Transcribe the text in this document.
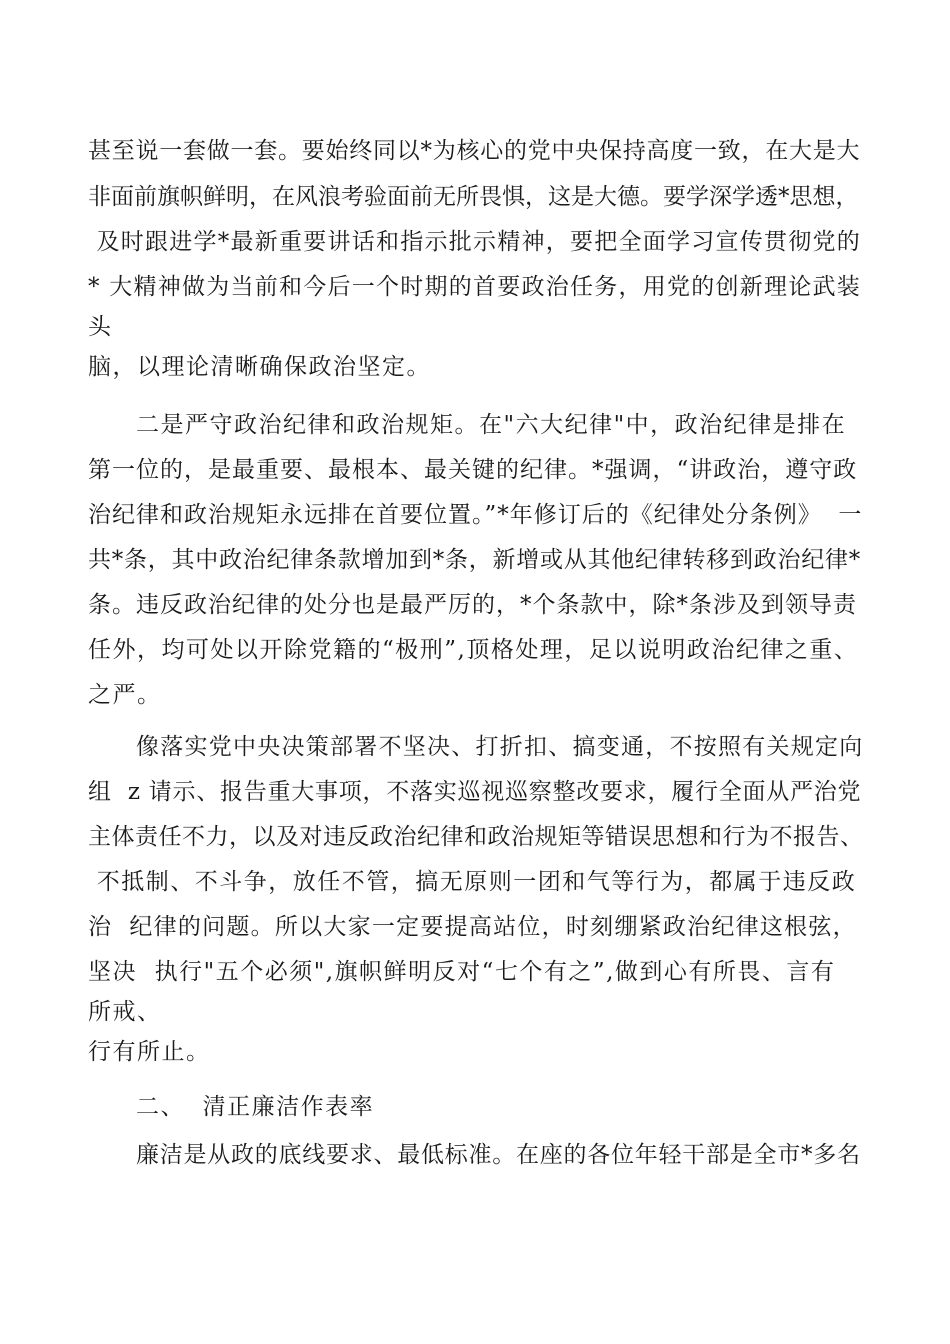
甚至说一套做一套。要始终同以*为核心的党中央保持高度一致，在大是大
非面前旗帜鲜明，在风浪考验面前无所畏惧，这是大德。要学深学透*思想，
及时跟进学*最新重要讲话和指示批示精神，要把全面学习宣传贯彻党的
* 大精神做为当前和今后一个时期的首要政治任务，用党的创新理论武装
头
脑，以理论清晰确保政治坚定。
二是严守政治纪律和政治规矩。在"六大纪律"中，政治纪律是排在
第一位的，是最重要、最根本、最关键的纪律。*强调，“讲政治，遵守政
治纪律和政治规矩永远排在首要位置。”*年修订后的《纪律处分条例》  一
共*条，其中政治纪律条款增加到*条，新增或从其他纪律转移到政治纪律*
条。违反政治纪律的处分也是最严厉的，*个条款中，除*条涉及到领导责
任外，均可处以开除党籍的“极刑”,顶格处理，足以说明政治纪律之重、
之严。
像落实党中央决策部署不坚决、打折扣、搞变通，不按照有关规定向
组  z 请示、报告重大事项，不落实巡视巡察整改要求，履行全面从严治党
主体责任不力，以及对违反政治纪律和政治规矩等错误思想和行为不报告、
不抵制、不斗争，放任不管，搞无原则一团和气等行为，都属于违反政
治  纪律的问题。所以大家一定要提高站位，时刻绷紧政治纪律这根弦，
坚决  执行"五个必须",旗帜鲜明反对“七个有之”,做到心有所畏、言有
所戒、
行有所止。
二、  清正廉洁作表率
廉洁是从政的底线要求、最低标准。在座的各位年轻干部是全市*多名
